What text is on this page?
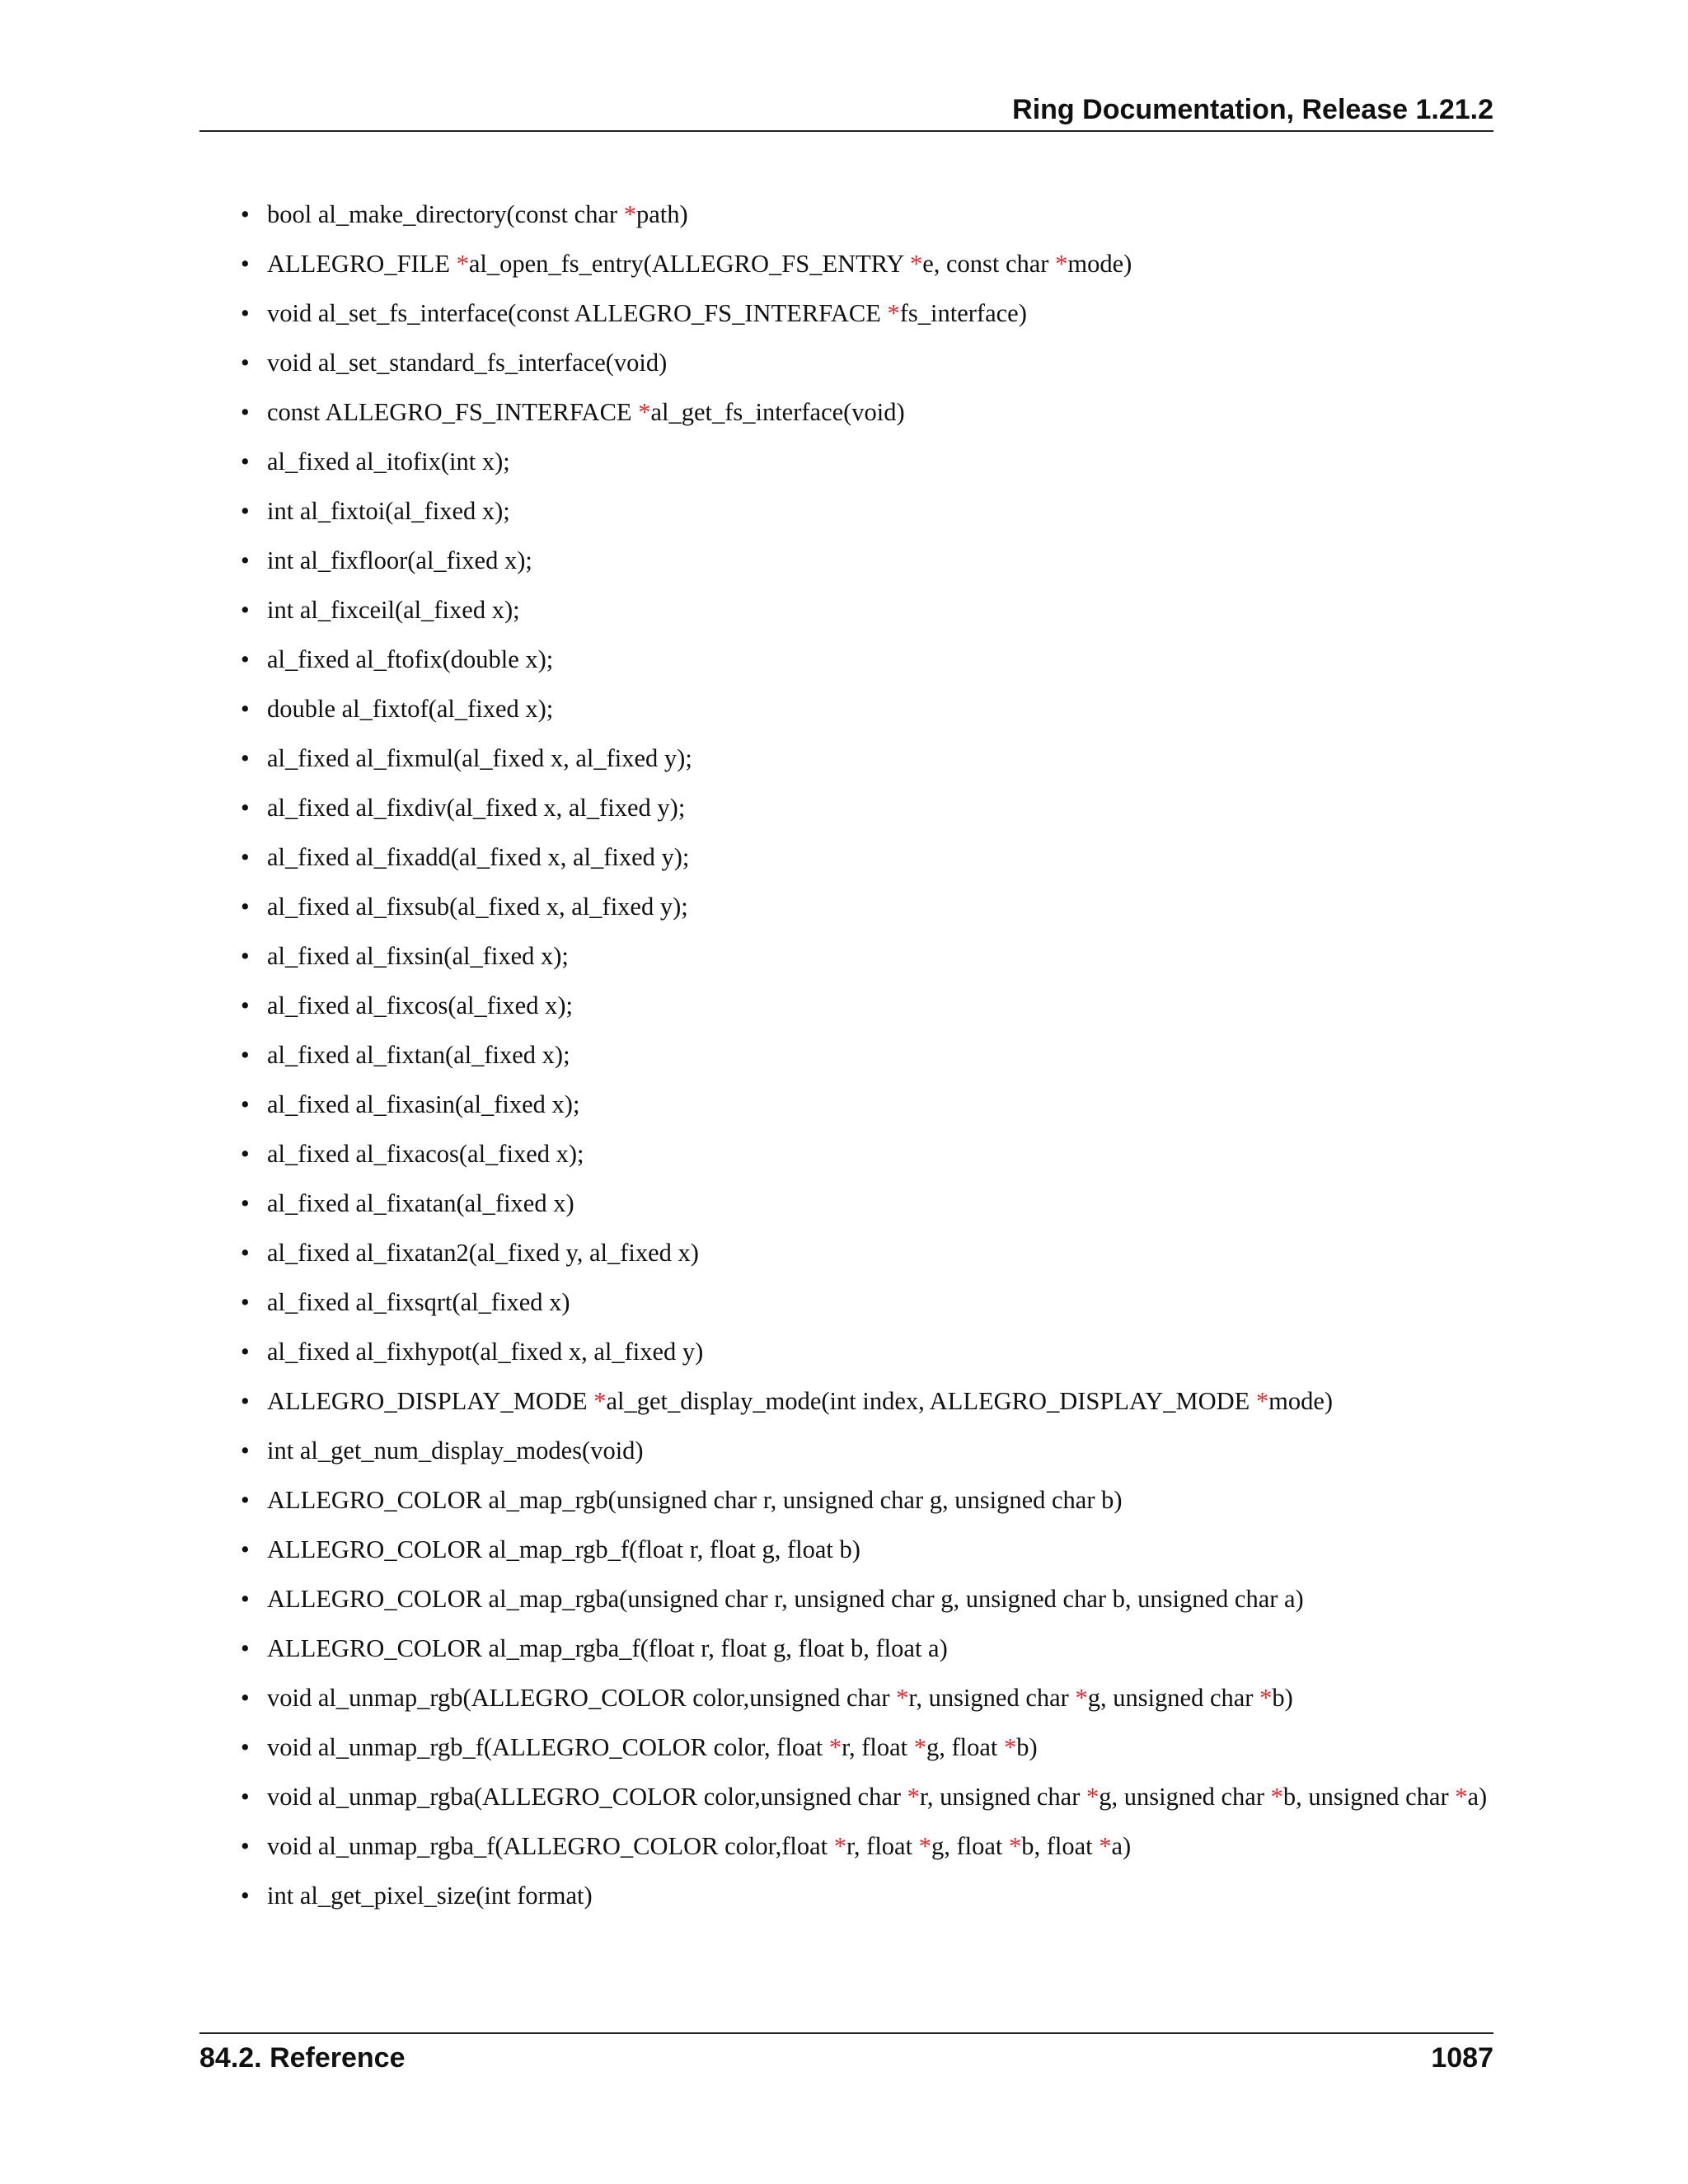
Ring Documentation, Release 1.21.2
• bool al_make_directory(const char *path)
• ALLEGRO_FILE *al_open_fs_entry(ALLEGRO_FS_ENTRY *e, const char *mode)
• void al_set_fs_interface(const ALLEGRO_FS_INTERFACE *fs_interface)
• void al_set_standard_fs_interface(void)
• const ALLEGRO_FS_INTERFACE *al_get_fs_interface(void)
• al_fixed al_itofix(int x);
• int al_fixtoi(al_fixed x);
• int al_fixfloor(al_fixed x);
• int al_fixceil(al_fixed x);
• al_fixed al_ftofix(double x);
• double al_fixtof(al_fixed x);
• al_fixed al_fixmul(al_fixed x, al_fixed y);
• al_fixed al_fixdiv(al_fixed x, al_fixed y);
• al_fixed al_fixadd(al_fixed x, al_fixed y);
• al_fixed al_fixsub(al_fixed x, al_fixed y);
• al_fixed al_fixsin(al_fixed x);
• al_fixed al_fixcos(al_fixed x);
• al_fixed al_fixtan(al_fixed x);
• al_fixed al_fixasin(al_fixed x);
• al_fixed al_fixacos(al_fixed x);
• al_fixed al_fixatan(al_fixed x)
• al_fixed al_fixatan2(al_fixed y, al_fixed x)
• al_fixed al_fixsqrt(al_fixed x)
• al_fixed al_fixhypot(al_fixed x, al_fixed y)
• ALLEGRO_DISPLAY_MODE *al_get_display_mode(int index, ALLEGRO_DISPLAY_MODE *mode)
• int al_get_num_display_modes(void)
• ALLEGRO_COLOR al_map_rgb(unsigned char r, unsigned char g, unsigned char b)
• ALLEGRO_COLOR al_map_rgb_f(float r, float g, float b)
• ALLEGRO_COLOR al_map_rgba(unsigned char r, unsigned char g, unsigned char b, unsigned char a)
• ALLEGRO_COLOR al_map_rgba_f(float r, float g, float b, float a)
• void al_unmap_rgb(ALLEGRO_COLOR color,unsigned char *r, unsigned char *g, unsigned char *b)
• void al_unmap_rgb_f(ALLEGRO_COLOR color, float *r, float *g, float *b)
• void al_unmap_rgba(ALLEGRO_COLOR color,unsigned char *r, unsigned char *g, unsigned char *b, unsigned char *a)
• void al_unmap_rgba_f(ALLEGRO_COLOR color,float *r, float *g, float *b, float *a)
• int al_get_pixel_size(int format)
84.2. Reference	1087
